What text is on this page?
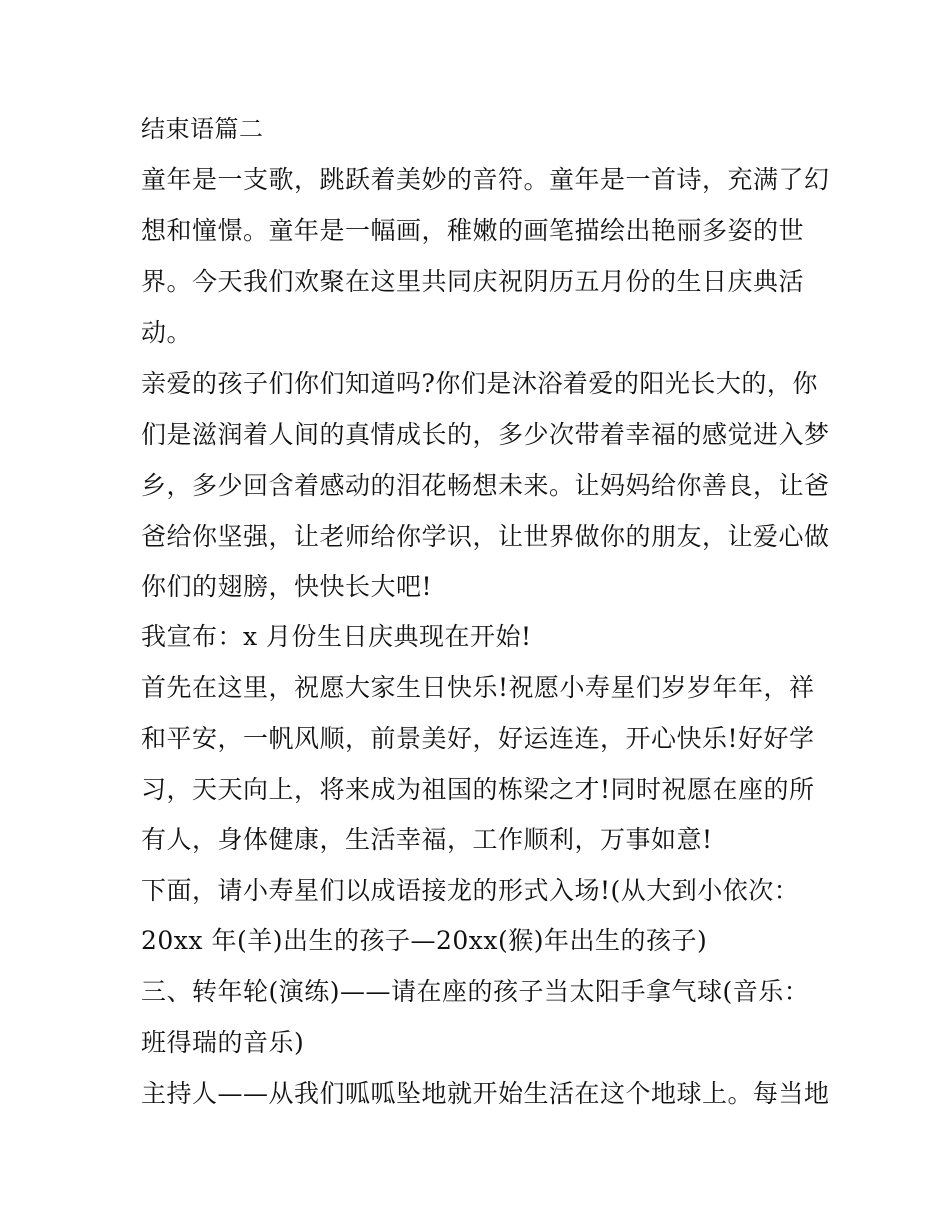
结束语篇二
童年是一支歌，跳跃着美妙的音符。童年是一首诗，充满了幻
想和憧憬。童年是一幅画，稚嫩的画笔描绘出艳丽多姿的世
界。今天我们欢聚在这里共同庆祝阴历五月份的生日庆典活
动。
亲爱的孩子们你们知道吗?你们是沐浴着爱的阳光长大的，你
们是滋润着人间的真情成长的，多少次带着幸福的感觉进入梦
乡，多少回含着感动的泪花畅想未来。让妈妈给你善良，让爸
爸给你坚强，让老师给你学识，让世界做你的朋友，让爱心做
你们的翅膀，快快长大吧!
我宣布：x 月份生日庆典现在开始!
首先在这里，祝愿大家生日快乐!祝愿小寿星们岁岁年年，祥
和平安，一帆风顺，前景美好，好运连连，开心快乐!好好学
习，天天向上，将来成为祖国的栋梁之才!同时祝愿在座的所
有人，身体健康，生活幸福，工作顺利，万事如意!
下面，请小寿星们以成语接龙的形式入场!(从大到小依次：
20xx 年(羊)出生的孩子—20xx(猴)年出生的孩子)
三、转年轮(演练)——请在座的孩子当太阳手拿气球(音乐：
班得瑞的音乐)
主持人——从我们呱呱坠地就开始生活在这个地球上。每当地
